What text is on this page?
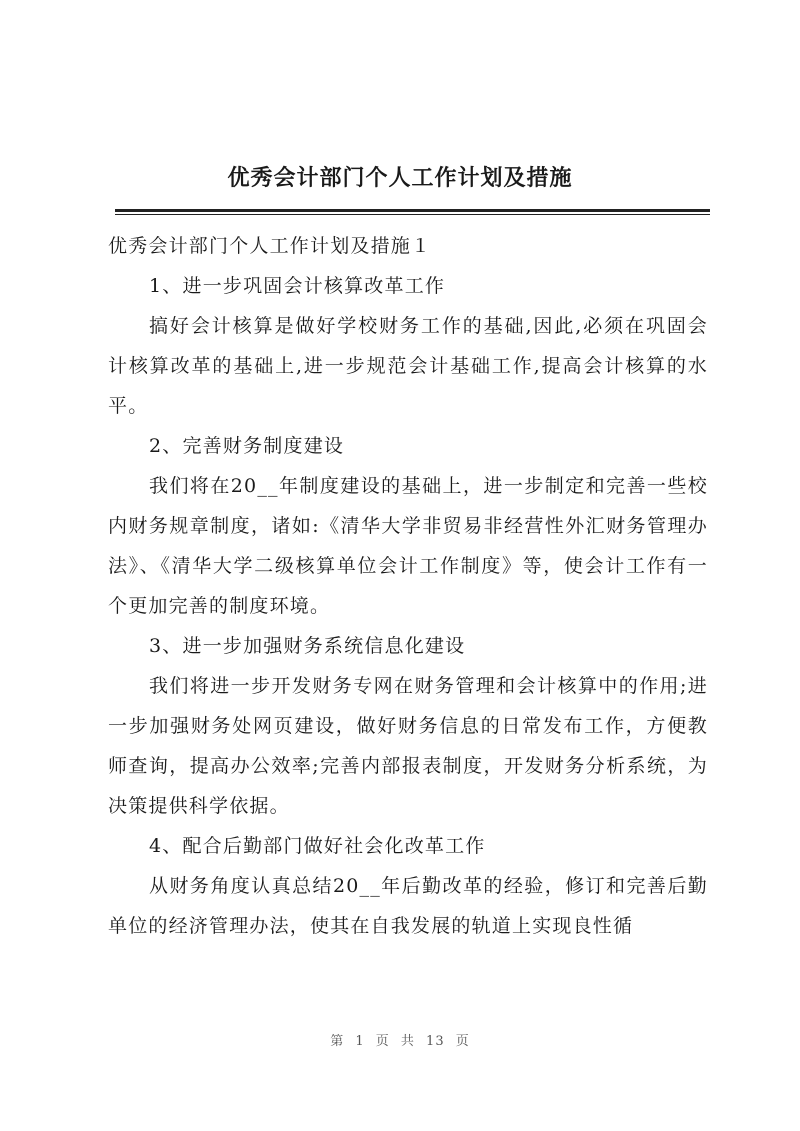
优秀会计部门个人工作计划及措施

优秀会计部门个人工作计划及措施１

1、进一步巩固会计核算改革工作

搞好会计核算是做好学校财务工作的基础,因此,必须在巩固会计核算改革的基础上,进一步规范会计基础工作,提高会计核算的水平。

2、完善财务制度建设

我们将在20__年制度建设的基础上，进一步制定和完善一些校内财务规章制度，诸如:《清华大学非贸易非经营性外汇财务管理办法》、《清华大学二级核算单位会计工作制度》等，使会计工作有一个更加完善的制度环境。

3、进一步加强财务系统信息化建设

我们将进一步开发财务专网在财务管理和会计核算中的作用;进一步加强财务处网页建设，做好财务信息的日常发布工作，方便教师查询，提高办公效率;完善内部报表制度，开发财务分析系统，为决策提供科学依据。

4、配合后勤部门做好社会化改革工作

从财务角度认真总结20__年后勤改革的经验，修订和完善后勤单位的经济管理办法，使其在自我发展的轨道上实现良性循

第 1 页 共 13 页
